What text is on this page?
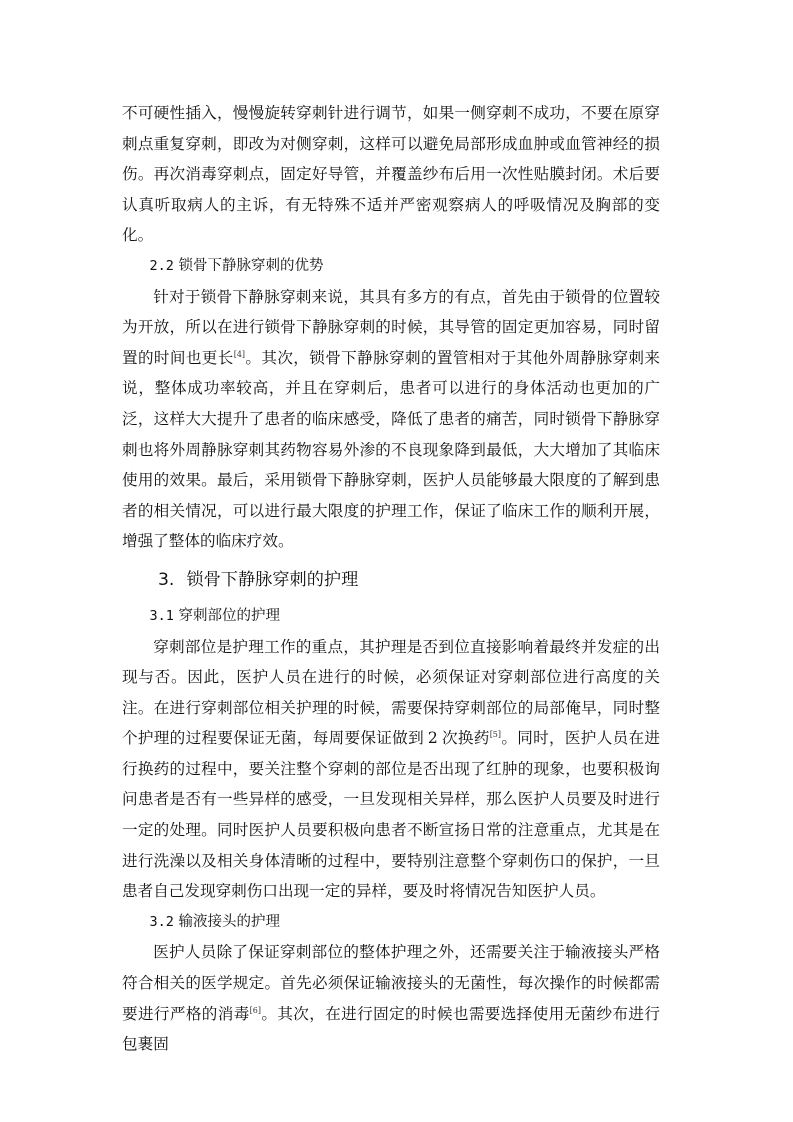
不可硬性插入，慢慢旋转穿刺针进行调节，如果一侧穿刺不成功，不要在原穿刺点重复穿刺，即改为对侧穿刺，这样可以避免局部形成血肿或血管神经的损伤。再次消毒穿刺点，固定好导管，并覆盖纱布后用一次性贴膜封闭。术后要认真听取病人的主诉，有无特殊不适并严密观察病人的呼吸情况及胸部的变化。

2.2 锁骨下静脉穿刺的优势

针对于锁骨下静脉穿刺来说，其具有多方的有点，首先由于锁骨的位置较为开放，所以在进行锁骨下静脉穿刺的时候，其导管的固定更加容易，同时留置的时间也更长[4]。其次，锁骨下静脉穿刺的置管相对于其他外周静脉穿刺来说，整体成功率较高，并且在穿刺后，患者可以进行的身体活动也更加的广泛，这样大大提升了患者的临床感受，降低了患者的痛苦，同时锁骨下静脉穿刺也将外周静脉穿刺其药物容易外渗的不良现象降到最低，大大增加了其临床使用的效果。最后，采用锁骨下静脉穿刺，医护人员能够最大限度的了解到患者的相关情况，可以进行最大限度的护理工作，保证了临床工作的顺利开展，增强了整体的临床疗效。

3. 锁骨下静脉穿刺的护理

3.1 穿刺部位的护理

穿刺部位是护理工作的重点，其护理是否到位直接影响着最终并发症的出现与否。因此，医护人员在进行的时候，必须保证对穿刺部位进行高度的关注。在进行穿刺部位相关护理的时候，需要保持穿刺部位的局部俺早，同时整个护理的过程要保证无菌，每周要保证做到  2  次换药[5]。同时，医护人员在进行换药的过程中，要关注整个穿刺的部位是否出现了红肿的现象，也要积极询问患者是否有一些异样的感受，一旦发现相关异样，那么医护人员要及时进行一定的处理。同时医护人员要积极向患者不断宣扬日常的注意重点，尤其是在进行洗澡以及相关身体清晰的过程中，要特别注意整个穿刺伤口的保护，一旦患者自己发现穿刺伤口出现一定的异样，要及时将情况告知医护人员。

3.2 输液接头的护理

医护人员除了保证穿刺部位的整体护理之外，还需要关注于输液接头严格符合相关的医学规定。首先必须保证输液接头的无菌性，每次操作的时候都需要进行严格的消毒[6]。其次，在进行固定的时候也需要选择使用无菌纱布进行包裹固
